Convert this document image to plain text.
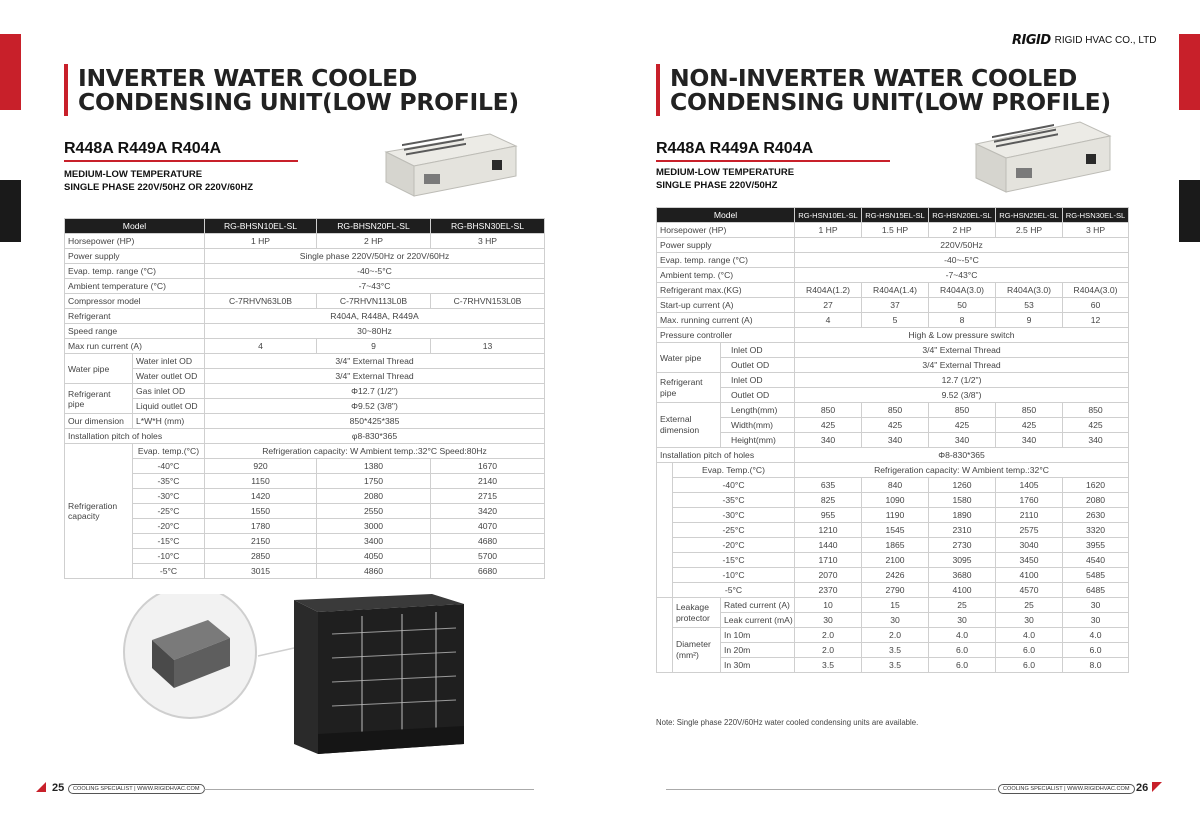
RIGID RIGID HVAC CO., LTD
INVERTER WATER COOLED
CONDENSING UNIT(LOW PROFILE)
R448A R449A R404A
MEDIUM-LOW TEMPERATURE
SINGLE PHASE 220V/50HZ OR 220V/60HZ
Model		RG-BHSN10EL-SL	RG-BHSN20FL-SL	RG-BHSN30EL-SL
Horsepower (HP)		1 HP	2 HP	3 HP
Power supply		Single phase 220V/50Hz or 220V/60Hz		
Evap. temp. range (°C)		-40~-5°C		
Ambient temperature (°C)		-7~43°C		
Compressor model		C-7RHVN63L0B	C-7RHVN113L0B	C-7RHVN153L0B
Refrigerant		R404A, R448A, R449A		
Speed range		30~80Hz		
Max run current (A)		4	9	13
Water pipe	Water inlet OD	3/4" External Thread		
	Water outlet OD	3/4" External Thread		
Refrigerant pipe	Gas inlet OD	Φ12.7 (1/2")		
	Liquid outlet OD	Φ9.52 (3/8")		
Our dimension	L*W*H (mm)	850*425*385		
Installation pitch of holes		φ8-830*365		
Refrigeration capacity	Evap. temp.(°C)	Refrigeration capacity: W Ambient temp.:32°C Speed:80Hz		
	-40°C	920	1380	1670
	-35°C	1150	1750	2140
	-30°C	1420	2080	2715
	-25°C	1550	2550	3420
	-20°C	1780	3000	4070
	-15°C	2150	3400	4680
	-10°C	2850	4050	5700
	-5°C	3015	4860	6680
25	COOLING SPECIALIST | WWW.RIGIDHVAC.COM
NON-INVERTER WATER COOLED
CONDENSING UNIT(LOW PROFILE)
R448A R449A R404A
MEDIUM-LOW TEMPERATURE
SINGLE PHASE 220V/50HZ
Model			RG-HSN10EL-SL	RG-HSN15EL-SL	RG-HSN20EL-SL	RG-HSN25EL-SL	RG-HSN30EL-SL
Horsepower (HP)			1 HP	1.5 HP	2 HP	2.5 HP	3 HP
Power supply			220V/50Hz				
Evap. temp. range (°C)			-40~-5°C				
Ambient temp. (°C)			-7~43°C				
Refrigerant max.(KG)			R404A(1.2)	R404A(1.4)	R404A(3.0)	R404A(3.0)	R404A(3.0)
Start-up current (A)			27	37	50	53	60
Max. running current (A)			4	5	8	9	12
Pressure controller			High & Low pressure switch				
Water pipe		Inlet OD	3/4" External Thread				
		Outlet OD	3/4" External Thread				
Refrigerant pipe		Inlet OD	12.7 (1/2")				
		Outlet OD	9.52 (3/8")				
External dimension		Length(mm)	850	850	850	850	850
		Width(mm)	425	425	425	425	425
		Height(mm)	340	340	340	340	340
Installation pitch of holes			Φ8-830*365				
	Evap. Temp.(°C)		Refrigeration capacity: W Ambient temp.:32°C				
	-40°C		635	840	1260	1405	1620
	-35°C		825	1090	1580	1760	2080
	-30°C		955	1190	1890	2110	2630
	-25°C		1210	1545	2310	2575	3320
	-20°C		1440	1865	2730	3040	3955
	-15°C		1710	2100	3095	3450	4540
	-10°C		2070	2426	3680	4100	5485
	-5°C		2370	2790	4100	4570	6485
	Leakage protector	Rated current (A)	10	15	25	25	30
		Leak current (mA)	30	30	30	30	30
	Diameter (mm²)	In 10m	2.0	2.0	4.0	4.0	4.0
		In 20m	2.0	3.5	6.0	6.0	6.0
		In 30m	3.5	3.5	6.0	6.0	8.0
Note: Single phase 220V/60Hz water cooled condensing units are available.
COOLING SPECIALIST | WWW.RIGIDHVAC.COM 26
